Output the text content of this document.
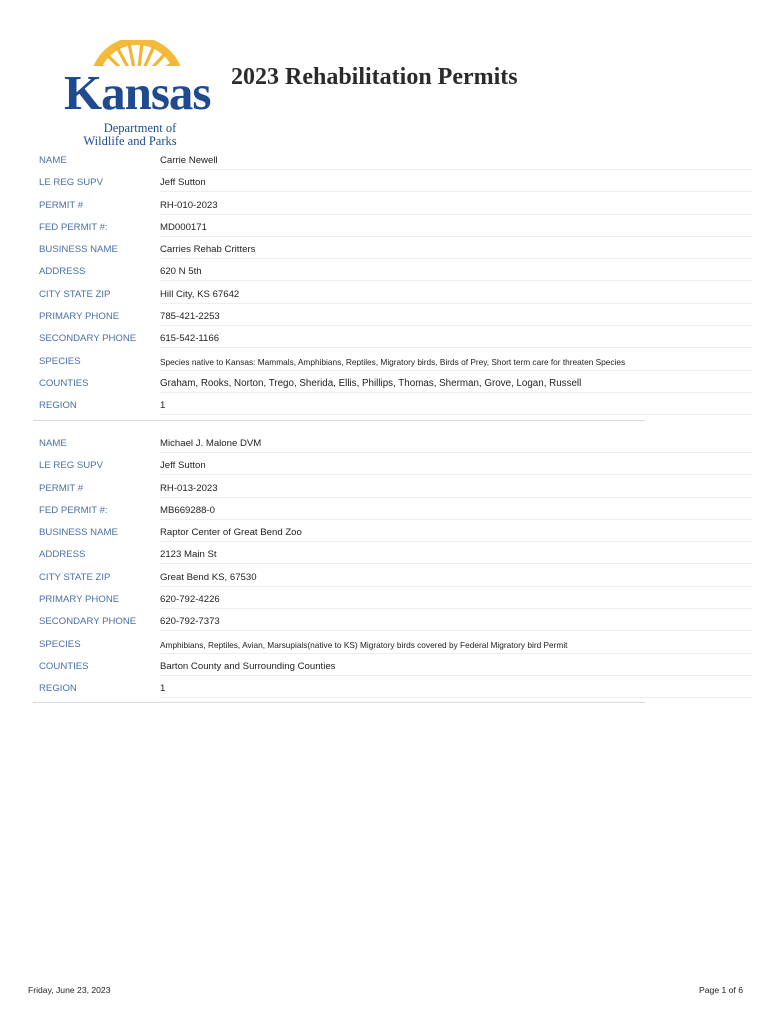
Kansas
Department of
Wildlife and Parks
2023 Rehabilitation Permits
NAME	Carrie Newell
LE REG SUPV	Jeff Sutton
PERMIT #	RH-010-2023
FED PERMIT #:	MD000171
BUSINESS NAME	Carries Rehab Critters
ADDRESS	620 N 5th
CITY STATE ZIP	Hill City, KS 67642
PRIMARY PHONE	785-421-2253
SECONDARY PHONE	615-542-1166
SPECIES	Species native to Kansas: Mammals, Amphibians, Reptiles, Migratory birds, Birds of Prey, Short term care for threaten Species
COUNTIES	Graham, Rooks, Norton, Trego, Sherida, Ellis, Phillips, Thomas, Sherman, Grove, Logan, Russell
REGION	1
NAME	Michael J. Malone DVM
LE REG SUPV	Jeff Sutton
PERMIT #	RH-013-2023
FED PERMIT #:	MB669288-0
BUSINESS NAME	Raptor Center of Great Bend Zoo
ADDRESS	2123 Main St
CITY STATE ZIP	Great Bend KS, 67530
PRIMARY PHONE	620-792-4226
SECONDARY PHONE	620-792-7373
SPECIES	Amphibians, Reptiles, Avian, Marsupials(native to KS) Migratory birds covered by Federal Migratory bird Permit
COUNTIES	Barton County and Surrounding Counties
REGION	1
Friday, June 23, 2023	Page 1 of 6
